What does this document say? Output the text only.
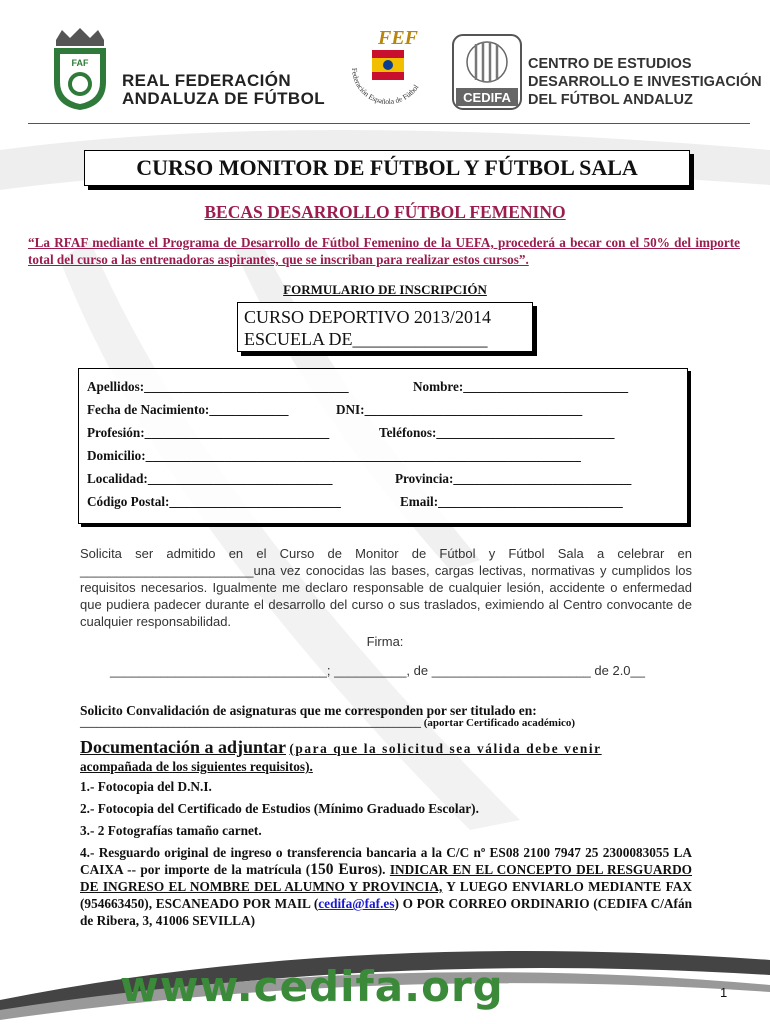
FAF
REAL FEDERACIÓN
ANDALUZA DE FÚTBOL
Federación Española de Fútbol
FEF
CEDIFA
CENTRO DE ESTUDIOS
DESARROLLO E INVESTIGACIÓN
DEL FÚTBOL ANDALUZ
CURSO MONITOR DE FÚTBOL Y FÚTBOL SALA
BECAS DESARROLLO FÚTBOL FEMENINO
“La RFAF mediante el Programa de Desarrollo de Fútbol Femenino de la UEFA, procederá a becar con el 50% del importe total del curso a las entrenadoras aspirantes, que se inscriban para realizar estos cursos”.
FORMULARIO DE INSCRIPCIÓN
CURSO DEPORTIVO 2013/2014
ESCUELA DE_______________
Apellidos:_______________________________	Nombre:_________________________
Fecha de Nacimiento:____________	DNI:_________________________________
Profesión:____________________________	Teléfonos:___________________________
Domicilio:__________________________________________________________________
Localidad:____________________________	Provincia:___________________________
Código Postal:__________________________	Email:____________________________
Solicita ser admitido en el Curso de Monitor de Fútbol y Fútbol Sala a celebrar en ________________________una vez conocidas las bases, cargas lectivas, normativas y cumplidos los requisitos necesarios. Igualmente me declaro responsable de cualquier lesión, accidente o enfermedad que pudiera padecer durante el desarrollo del curso o sus traslados, eximiendo al Centro convocante de cualquier responsabilidad.
Firma:
______________________________; __________, de ______________________ de 2.0__
Solicito Convalidación de asignaturas que me corresponden por ser titulado en:
______________________________________________________________ (aportar Certificado académico)
Documentación a adjuntar (para que la solicitud sea válida debe venir
acompañada de los siguientes requisitos).
1.- Fotocopia del D.N.I.
2.- Fotocopia del Certificado de Estudios (Mínimo Graduado Escolar).
3.- 2 Fotografías tamaño carnet.
4.- Resguardo original de ingreso o transferencia bancaria a la C/C nº ES08 2100 7947 25 2300083055 LA CAIXA -- por importe de la matrícula (150 Euros). INDICAR EN EL CONCEPTO DEL RESGUARDO DE INGRESO EL NOMBRE DEL ALUMNO Y PROVINCIA, Y LUEGO ENVIARLO MEDIANTE FAX (954663450), ESCANEADO POR MAIL (cedifa@faf.es) O POR CORREO ORDINARIO (CEDIFA C/Afán de Ribera, 3, 41006 SEVILLA)
www.cedifa.org	1
